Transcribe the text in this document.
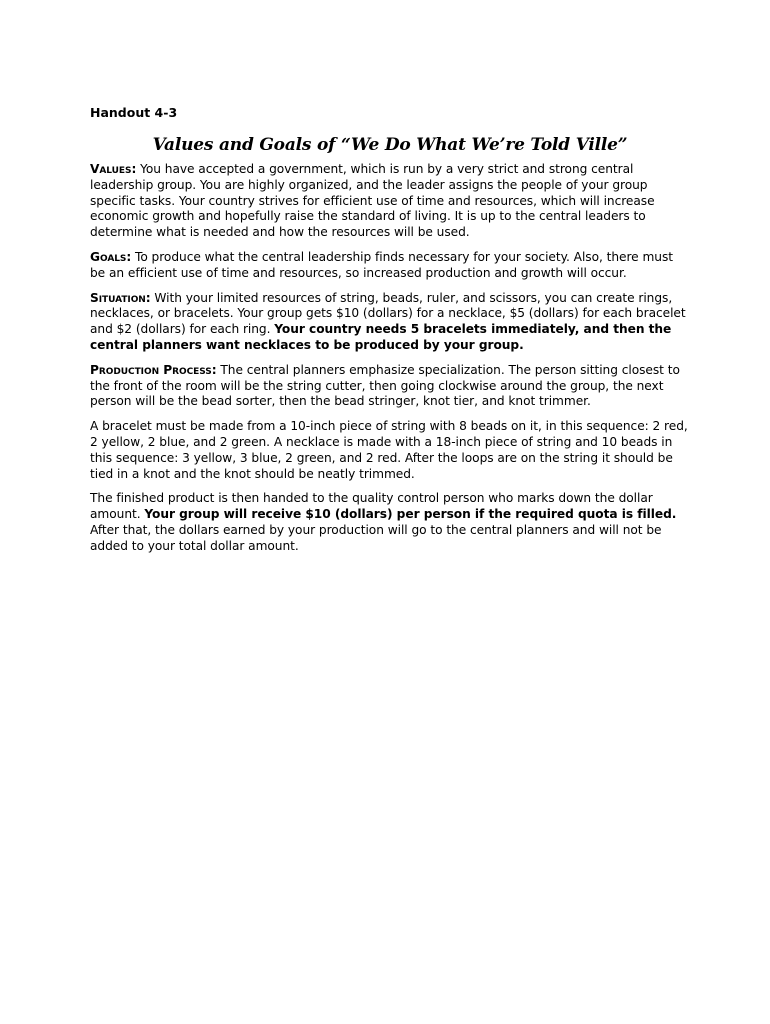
Handout 4-3
Values and Goals of “We Do What We’re Told Ville”

Values: You have accepted a government, which is run by a very strict and strong central leadership group. You are highly organized, and the leader assigns the people of your group specific tasks. Your country strives for efficient use of time and resources, which will increase economic growth and hopefully raise the standard of living. It is up to the central leaders to determine what is needed and how the resources will be used.

Goals: To produce what the central leadership finds necessary for your society. Also, there must be an efficient use of time and resources, so increased production and growth will occur.

Situation: With your limited resources of string, beads, ruler, and scissors, you can create rings, necklaces, or bracelets. Your group gets $10 (dollars) for a necklace, $5 (dollars) for each bracelet and $2 (dollars) for each ring. Your country needs 5 bracelets immediately, and then the central planners want necklaces to be produced by your group.

Production Process: The central planners emphasize specialization. The person sitting closest to the front of the room will be the string cutter, then going clockwise around the group, the next person will be the bead sorter, then the bead stringer, knot tier, and knot trimmer.

A bracelet must be made from a 10-inch piece of string with 8 beads on it, in this sequence: 2 red, 2 yellow, 2 blue, and 2 green. A necklace is made with a 18-inch piece of string and 10 beads in this sequence: 3 yellow, 3 blue, 2 green, and 2 red. After the loops are on the string it should be tied in a knot and the knot should be neatly trimmed.

The finished product is then handed to the quality control person who marks down the dollar amount. Your group will receive $10 (dollars) per person if the required quota is filled. After that, the dollars earned by your production will go to the central planners and will not be added to your total dollar amount.
